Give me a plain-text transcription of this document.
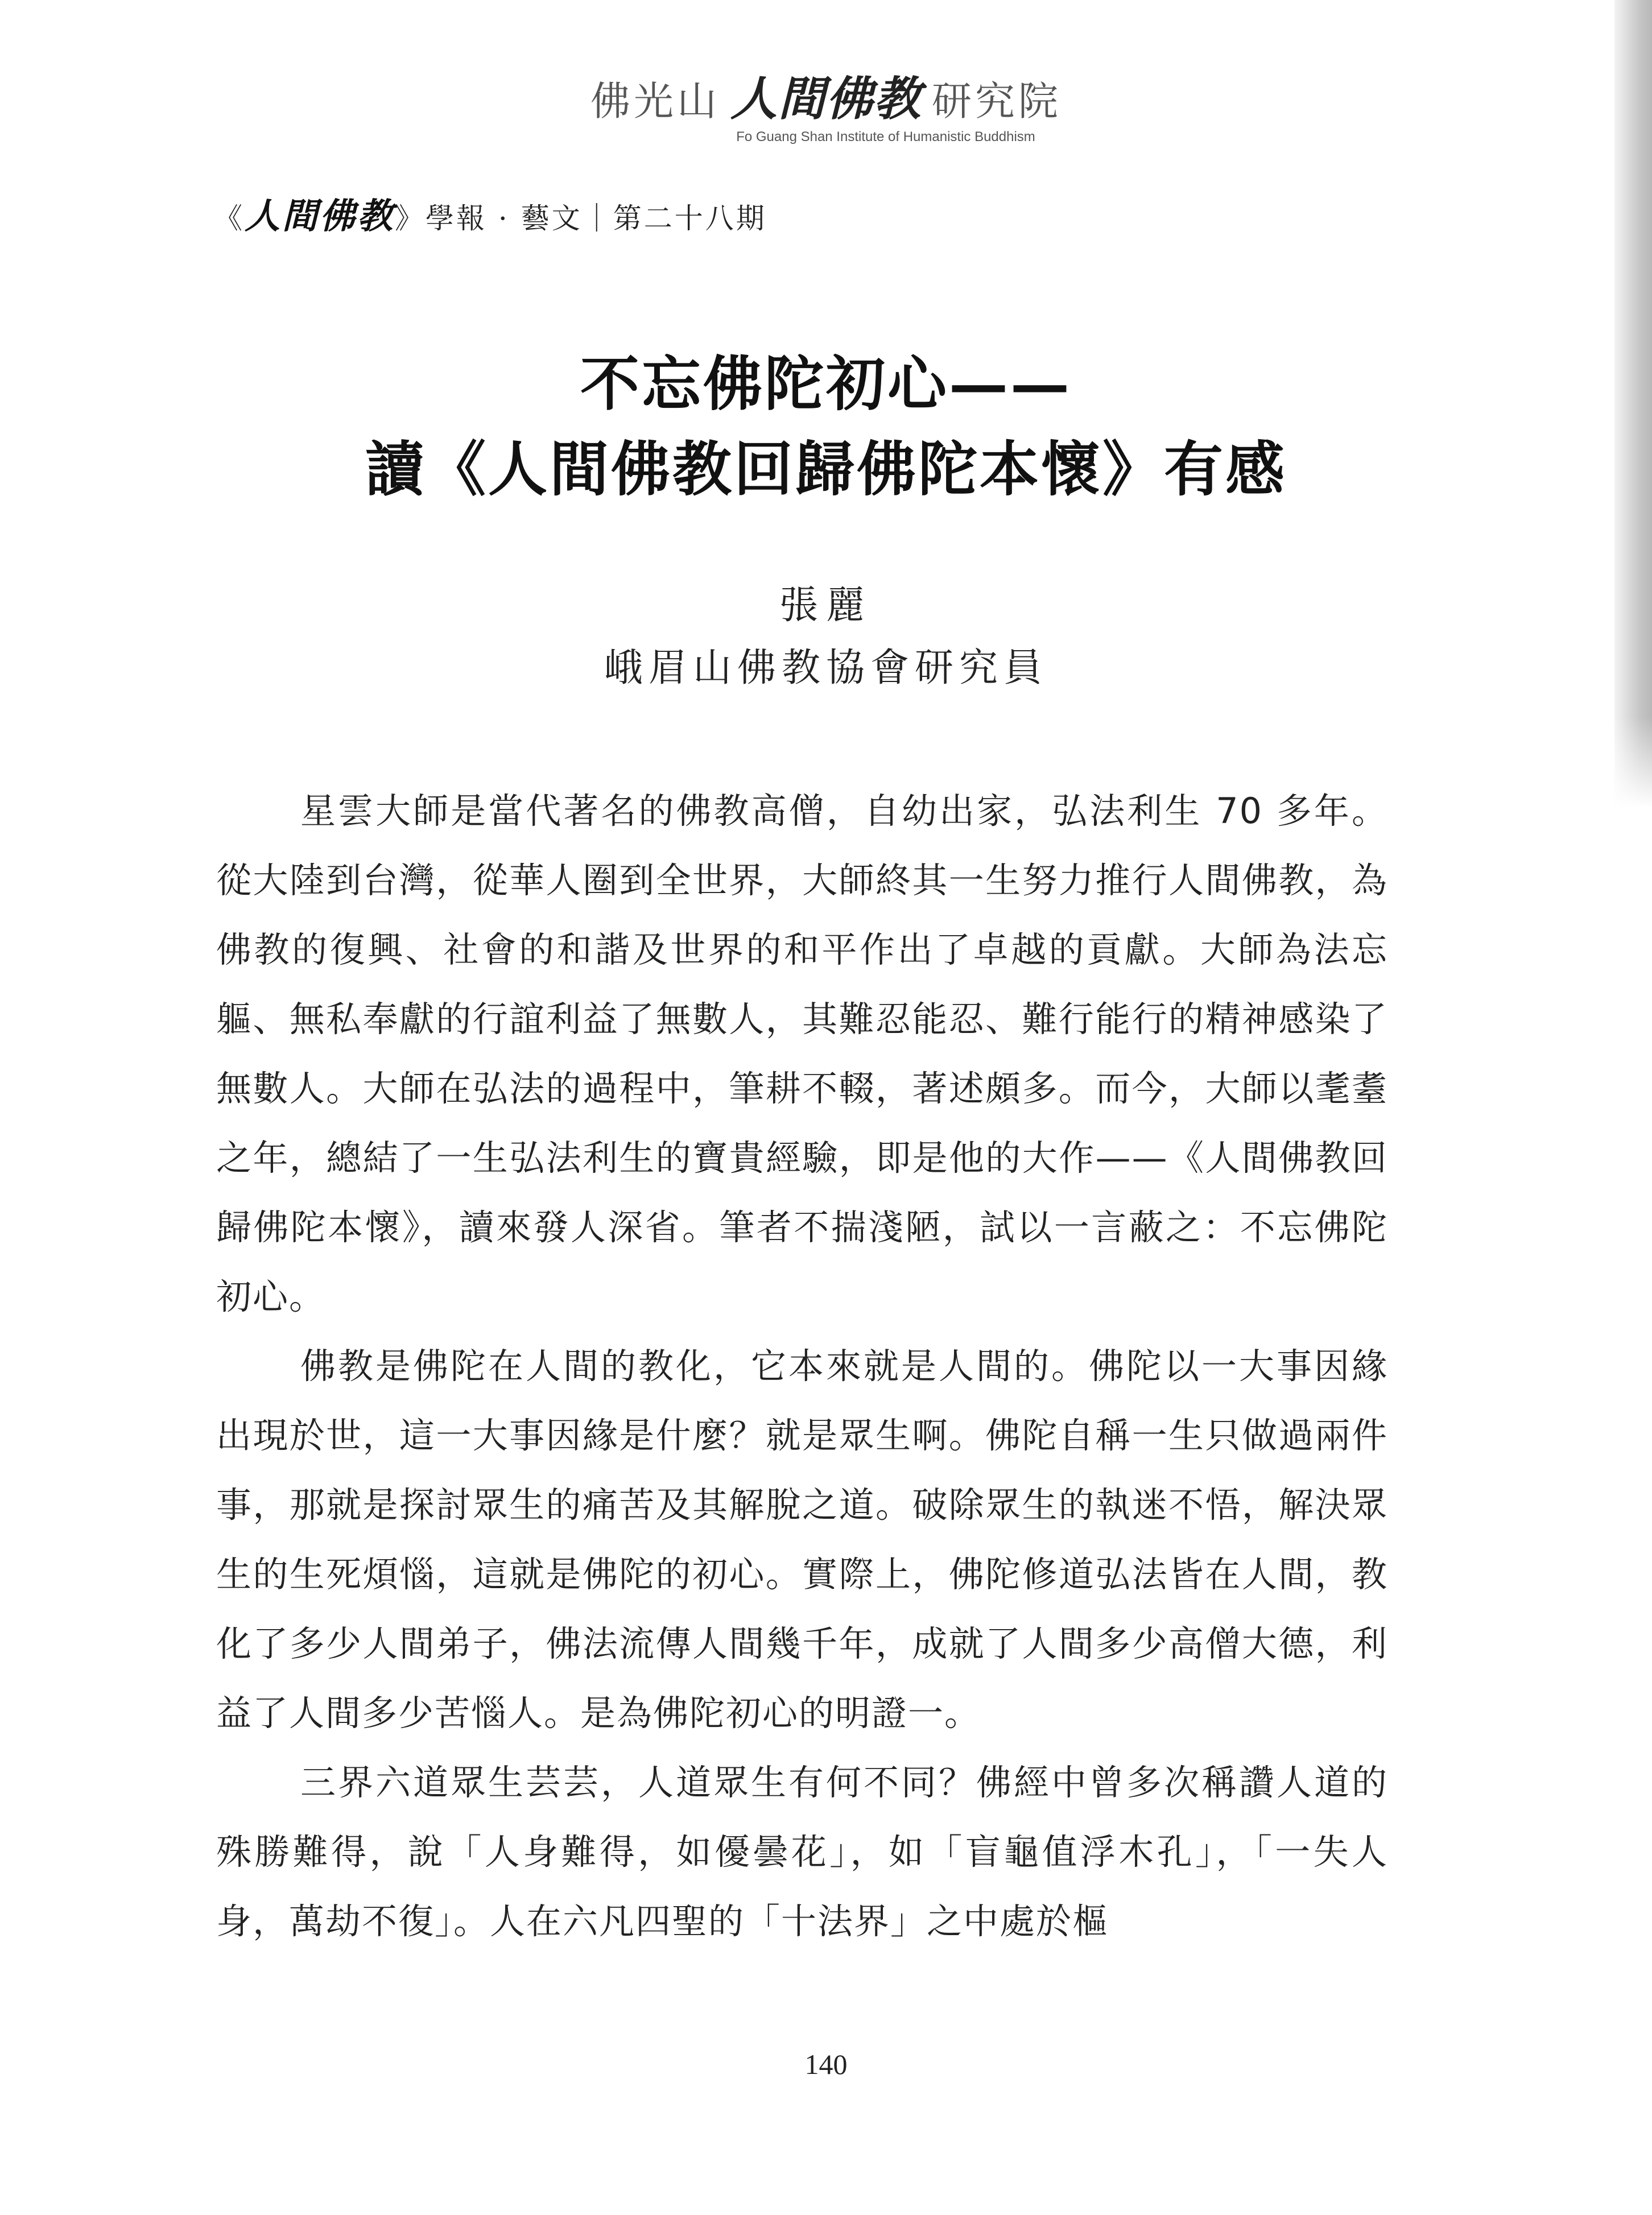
佛光山 人間佛教 研究院
Fo Guang Shan Institute of Humanistic Buddhism
《人間佛教》學報 · 藝文｜第二十八期
不忘佛陀初心——
讀《人間佛教回歸佛陀本懷》有感
張麗
峨眉山佛教協會研究員

星雲大師是當代著名的佛教高僧，自幼出家，弘法利生 70 多年。從大陸到台灣，從華人圈到全世界，大師終其一生努力推行人間佛教，為佛教的復興、社會的和諧及世界的和平作出了卓越的貢獻。大師為法忘軀、無私奉獻的行誼利益了無數人，其難忍能忍、難行能行的精神感染了無數人。大師在弘法的過程中，筆耕不輟，著述頗多。而今，大師以耄耋之年，總結了一生弘法利生的寶貴經驗，即是他的大作——《人間佛教回歸佛陀本懷》，讀來發人深省。筆者不揣淺陋，試以一言蔽之：不忘佛陀初心。

佛教是佛陀在人間的教化，它本來就是人間的。佛陀以一大事因緣出現於世，這一大事因緣是什麼？就是眾生啊。佛陀自稱一生只做過兩件事，那就是探討眾生的痛苦及其解脫之道。破除眾生的執迷不悟，解決眾生的生死煩惱，這就是佛陀的初心。實際上，佛陀修道弘法皆在人間，教化了多少人間弟子，佛法流傳人間幾千年，成就了人間多少高僧大德，利益了人間多少苦惱人。是為佛陀初心的明證一。

三界六道眾生芸芸，人道眾生有何不同？佛經中曾多次稱讚人道的殊勝難得，說「人身難得，如優曇花」，如「盲龜值浮木孔」，「一失人身，萬劫不復」。人在六凡四聖的「十法界」之中處於樞

140
